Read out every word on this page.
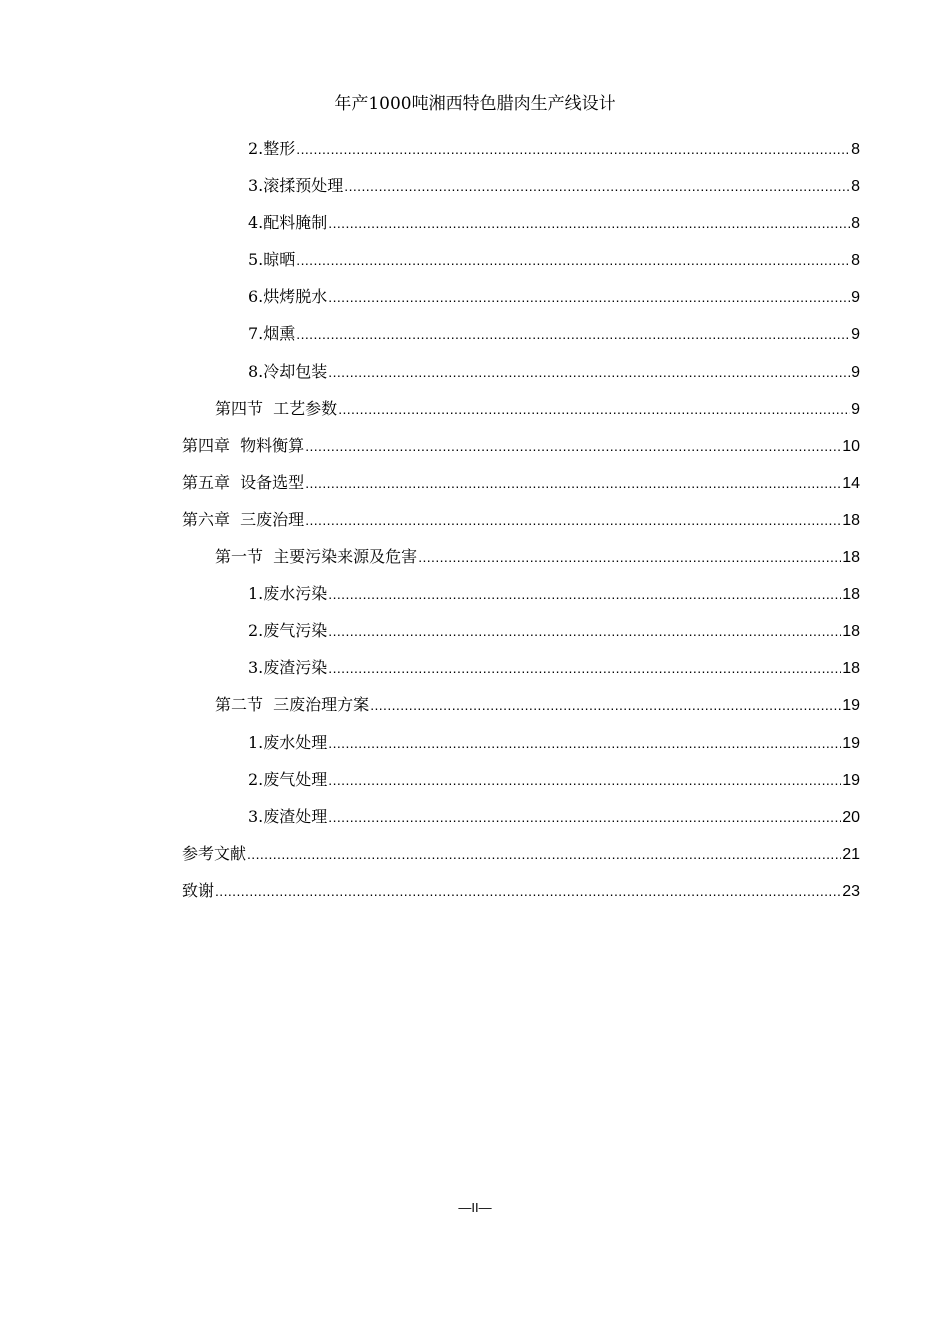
年产1000吨湘西特色腊肉生产线设计
2.整形 .....	8
3.滚揉预处理 .....	8
4.配料腌制 .....	8
5.晾晒 .....	8
6.烘烤脱水 .....	9
7.烟熏 .....	9
8.冷却包装 .....	9
第四节  工艺参数 .....	9
第四章  物料衡算 .....	10
第五章  设备选型 .....	14
第六章  三废治理 .....	18
第一节  主要污染来源及危害 .....	18
1.废水污染 .....	18
2.废气污染 .....	18
3.废渣污染 .....	18
第二节  三废治理方案 .....	19
1.废水处理 .....	19
2.废气处理 .....	19
3.废渣处理 .....	20
参考文献 .....	21
致谢 .....	23
—II—
